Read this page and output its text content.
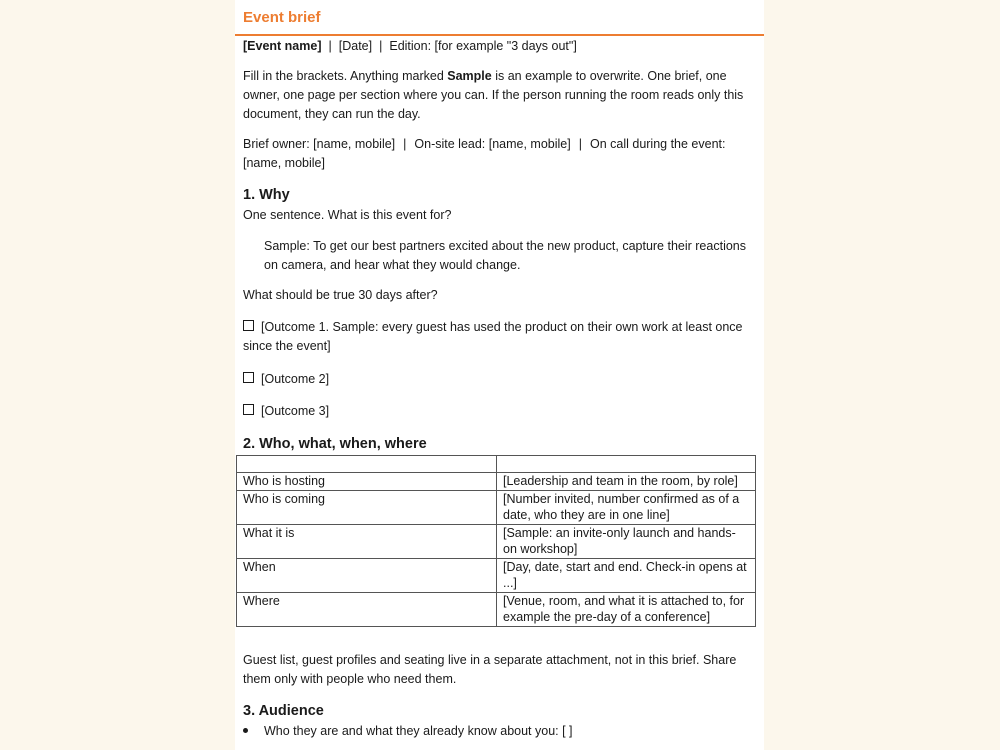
Event brief
[Event name] | [Date] | Edition: [for example "3 days out"]
Fill in the brackets. Anything marked Sample is an example to overwrite. One brief, one owner, one page per section where you can. If the person running the room reads only this document, they can run the day.
Brief owner: [name, mobile] | On-site lead: [name, mobile] | On call during the event: [name, mobile]
1. Why
One sentence. What is this event for?
Sample: To get our best partners excited about the new product, capture their reactions on camera, and hear what they would change.
What should be true 30 days after?
[Outcome 1. Sample: every guest has used the product on their own work at least once since the event]
[Outcome 2]
[Outcome 3]
2. Who, what, when, where

Who is hosting	[Leadership and team in the room, by role]
Who is coming	[Number invited, number confirmed as of a date, who they are in one line]
What it is	[Sample: an invite-only launch and hands-on workshop]
When	[Day, date, start and end. Check-in opens at ...]
Where	[Venue, room, and what it is attached to, for example the pre-day of a conference]
Guest list, guest profiles and seating live in a separate attachment, not in this brief. Share them only with people who need them.
3. Audience
Who they are and what they already know about you: [ ]
